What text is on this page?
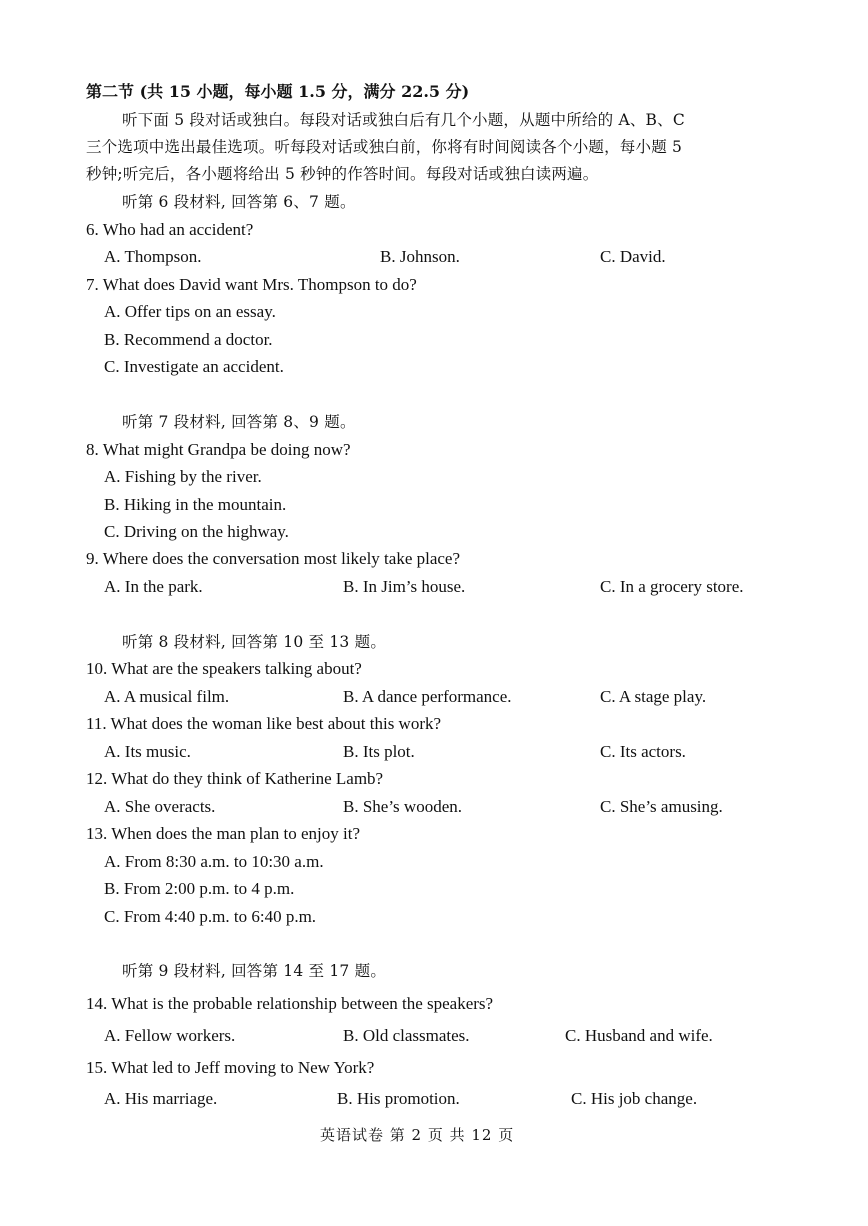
第二节 (共 15 小题，每小题 1.5 分，满分 22.5 分)
听下面 5 段对话或独白。每段对话或独白后有几个小题，从题中所给的 A、B、C
三个选项中选出最佳选项。听每段对话或独白前，你将有时间阅读各个小题，每小题 5
秒钟;听完后，各小题将给出 5 秒钟的作答时间。每段对话或独白读两遍。
听第 6 段材料, 回答第 6、7 题。
6. Who had an accident?
A. Thompson.	B. Johnson.	C. David.
7. What does David want Mrs. Thompson to do?
A. Offer tips on an essay.
B. Recommend a doctor.
C. Investigate an accident.
听第 7 段材料, 回答第 8、9 题。
8. What might Grandpa be doing now?
A. Fishing by the river.
B. Hiking in the mountain.
C. Driving on the highway.
9. Where does the conversation most likely take place?
A. In the park.	B. In Jim’s house.	C. In a grocery store.
听第 8 段材料, 回答第 10 至 13 题。
10. What are the speakers talking about?
A. A musical film.	B. A dance performance.	C. A stage play.
11. What does the woman like best about this work?
A. Its music.	B. Its plot.	C. Its actors.
12. What do they think of Katherine Lamb?
A. She overacts.	B. She’s wooden.	C. She’s amusing.
13. When does the man plan to enjoy it?
A. From 8:30 a.m. to 10:30 a.m.
B. From 2:00 p.m. to 4 p.m.
C. From 4:40 p.m. to 6:40 p.m.
听第 9 段材料, 回答第 14 至 17 题。
14. What is the probable relationship between the speakers?
A. Fellow workers.	B. Old classmates.	C. Husband and wife.
15. What led to Jeff moving to New York?
A. His marriage.	B. His promotion.	C. His job change.
英语试卷 第 2 页 共 12 页
